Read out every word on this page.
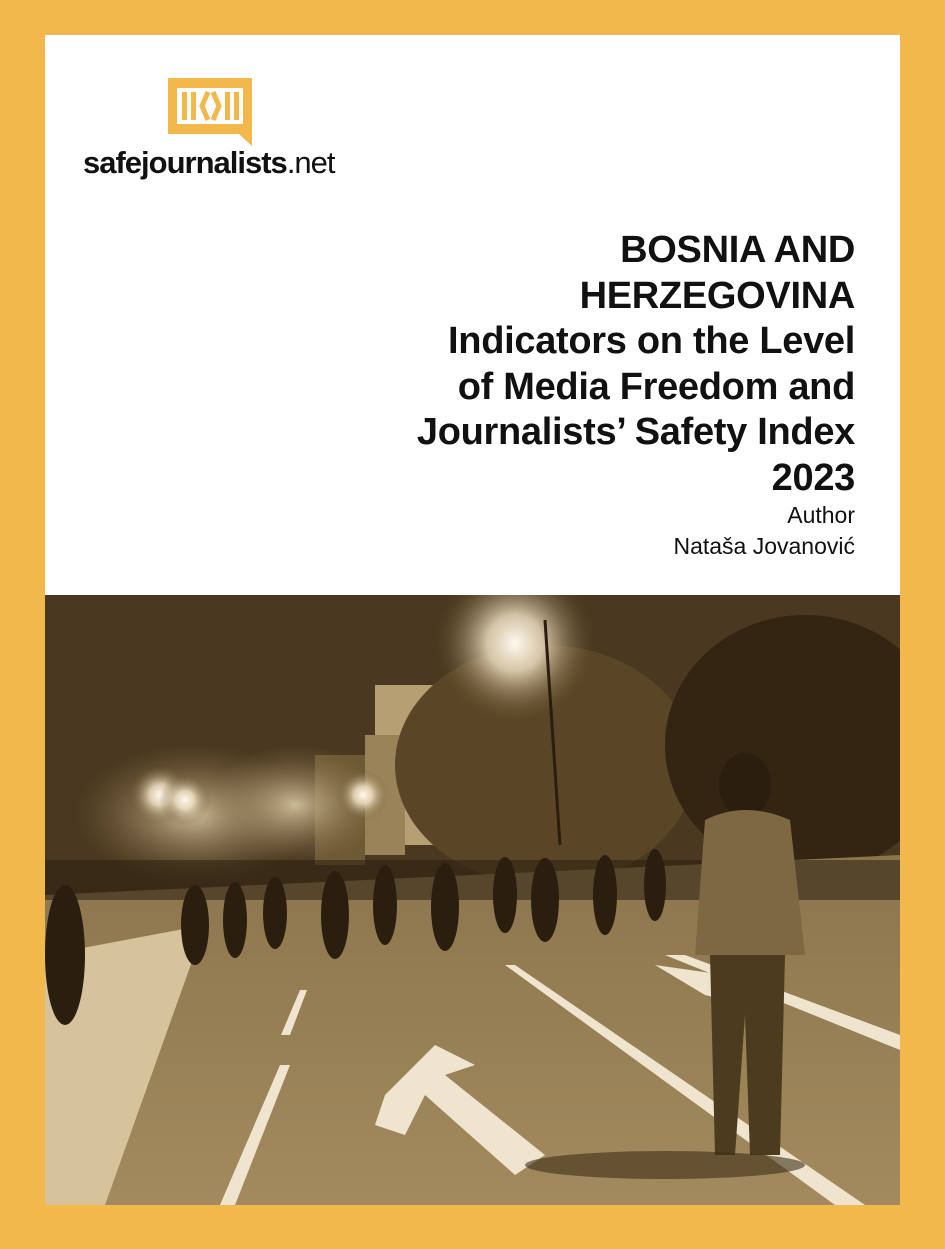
safejournalists.net
BOSNIA AND
HERZEGOVINA
Indicators on the Level
of Media Freedom and
Journalists’ Safety Index
2023
Author
Nataša Jovanović
